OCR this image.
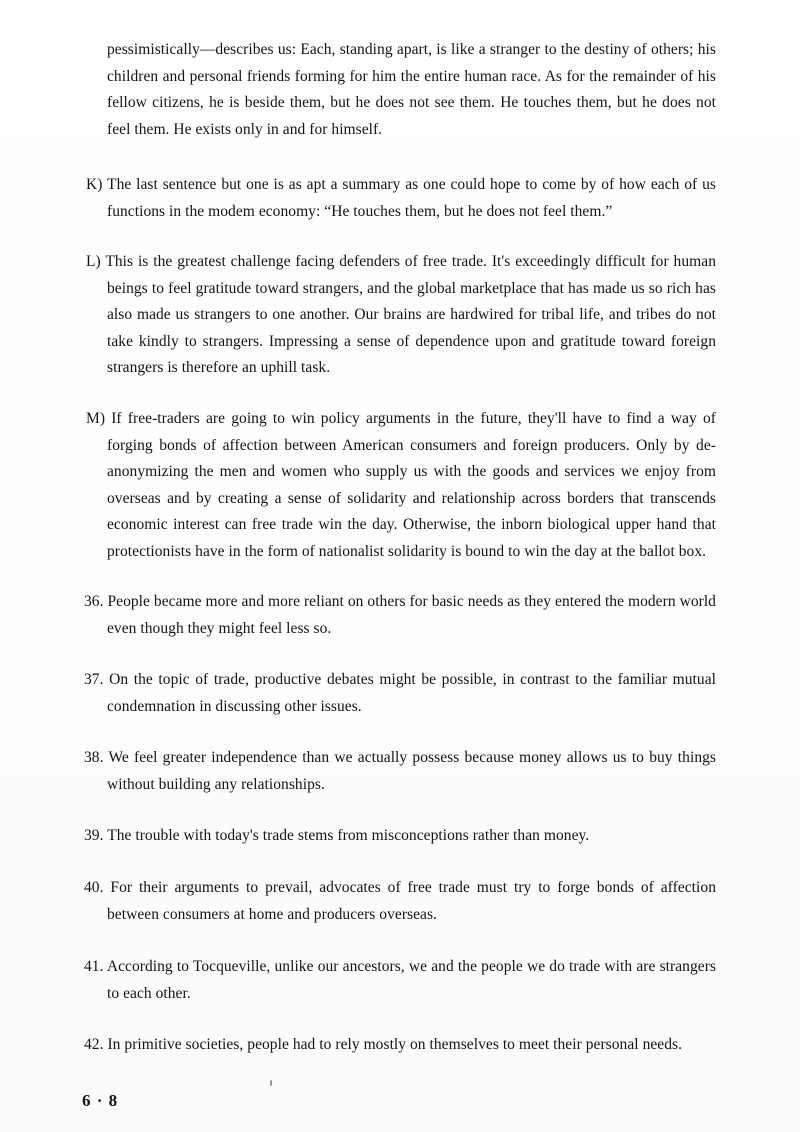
pessimistically—describes us: Each, standing apart, is like a stranger to the destiny of others; his children and personal friends forming for him the entire human race. As for the remainder of his fellow citizens, he is beside them, but he does not see them. He touches them, but he does not feel them. He exists only in and for himself.

K) The last sentence but one is as apt a summary as one could hope to come by of how each of us functions in the modem economy: “He touches them, but he does not feel them.”

L) This is the greatest challenge facing defenders of free trade. It's exceedingly difficult for human beings to feel gratitude toward strangers, and the global marketplace that has made us so rich has also made us strangers to one another. Our brains are hardwired for tribal life, and tribes do not take kindly to strangers. Impressing a sense of dependence upon and gratitude toward foreign strangers is therefore an uphill task.

M) If free-traders are going to win policy arguments in the future, they'll have to find a way of forging bonds of affection between American consumers and foreign producers. Only by de-anonymizing the men and women who supply us with the goods and services we enjoy from overseas and by creating a sense of solidarity and relationship across borders that transcends economic interest can free trade win the day. Otherwise, the inborn biological upper hand that protectionists have in the form of nationalist solidarity is bound to win the day at the ballot box.

36. People became more and more reliant on others for basic needs as they entered the modern world even though they might feel less so.

37. On the topic of trade, productive debates might be possible, in contrast to the familiar mutual condemnation in discussing other issues.

38. We feel greater independence than we actually possess because money allows us to buy things without building any relationships.

39. The trouble with today's trade stems from misconceptions rather than money.

40. For their arguments to prevail, advocates of free trade must try to forge bonds of affection between consumers at home and producers overseas.

41. According to Tocqueville, unlike our ancestors, we and the people we do trade with are strangers to each other.

42. In primitive societies, people had to rely mostly on themselves to meet their personal needs.

6 · 8
